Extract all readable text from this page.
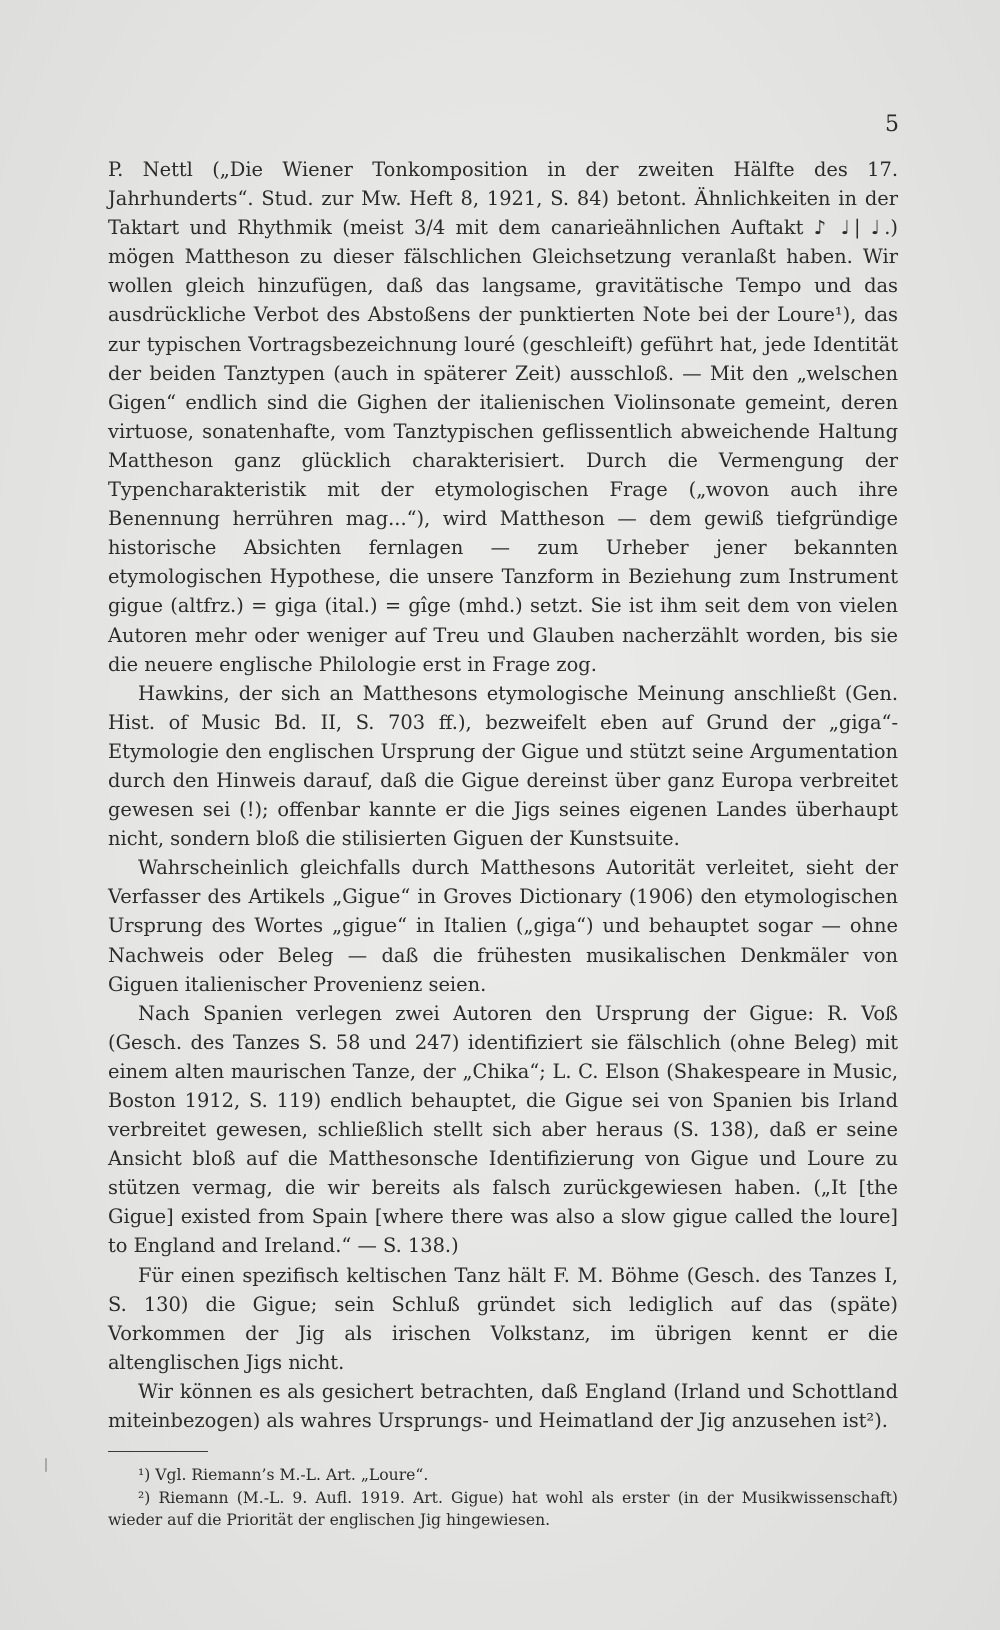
5

P. Nettl („Die Wiener Tonkomposition in der zweiten Hälfte des 17. Jahrhunderts“. Stud. zur Mw. Heft 8, 1921, S. 84) betont. Ähnlichkeiten in der Taktart und Rhythmik (meist 3/4 mit dem canarieähnlichen Auftakt ♪ ♩| ♩.) mögen Mattheson zu dieser fälschlichen Gleichsetzung veranlaßt haben. Wir wollen gleich hinzufügen, daß das langsame, gravitätische Tempo und das ausdrückliche Verbot des Abstoßens der punktierten Note bei der Loure¹), das zur typischen Vortragsbezeichnung louré (geschleift) geführt hat, jede Identität der beiden Tanztypen (auch in späterer Zeit) ausschloß. — Mit den „welschen Gigen“ endlich sind die Gighen der italienischen Violinsonate gemeint, deren virtuose, sonatenhafte, vom Tanztypischen geflissentlich abweichende Haltung Mattheson ganz glücklich charakterisiert. Durch die Vermengung der Typencharakteristik mit der etymologischen Frage („wovon auch ihre Benennung herrühren mag...“), wird Mattheson — dem gewiß tiefgründige historische Absichten fernlagen — zum Urheber jener bekannten etymologischen Hypothese, die unsere Tanzform in Beziehung zum Instrument gigue (altfrz.) = giga (ital.) = gîge (mhd.) setzt. Sie ist ihm seit dem von vielen Autoren mehr oder weniger auf Treu und Glauben nacherzählt worden, bis sie die neuere englische Philologie erst in Frage zog.

Hawkins, der sich an Matthesons etymologische Meinung anschließt (Gen. Hist. of Music Bd. II, S. 703 ff.), bezweifelt eben auf Grund der „giga“-Etymologie den englischen Ursprung der Gigue und stützt seine Argumentation durch den Hinweis darauf, daß die Gigue dereinst über ganz Europa verbreitet gewesen sei (!); offenbar kannte er die Jigs seines eigenen Landes überhaupt nicht, sondern bloß die stilisierten Giguen der Kunstsuite.

Wahrscheinlich gleichfalls durch Matthesons Autorität verleitet, sieht der Verfasser des Artikels „Gigue“ in Groves Dictionary (1906) den etymologischen Ursprung des Wortes „gigue“ in Italien („giga“) und behauptet sogar — ohne Nachweis oder Beleg — daß die frühesten musikalischen Denkmäler von Giguen italienischer Provenienz seien.

Nach Spanien verlegen zwei Autoren den Ursprung der Gigue: R. Voß (Gesch. des Tanzes S. 58 und 247) identifiziert sie fälschlich (ohne Beleg) mit einem alten maurischen Tanze, der „Chika“; L. C. Elson (Shakespeare in Music, Boston 1912, S. 119) endlich behauptet, die Gigue sei von Spanien bis Irland verbreitet gewesen, schließlich stellt sich aber heraus (S. 138), daß er seine Ansicht bloß auf die Matthesonsche Identifizierung von Gigue und Loure zu stützen vermag, die wir bereits als falsch zurückgewiesen haben. („It [the Gigue] existed from Spain [where there was also a slow gigue called the loure] to England and Ireland.“ — S. 138.)

Für einen spezifisch keltischen Tanz hält F. M. Böhme (Gesch. des Tanzes I, S. 130) die Gigue; sein Schluß gründet sich lediglich auf das (späte) Vorkommen der Jig als irischen Volkstanz, im übrigen kennt er die altenglischen Jigs nicht.

Wir können es als gesichert betrachten, daß England (Irland und Schottland miteinbezogen) als wahres Ursprungs- und Heimatland der Jig anzusehen ist²).

¹) Vgl. Riemann’s M.-L. Art. „Loure“.

²) Riemann (M.-L. 9. Aufl. 1919. Art. Gigue) hat wohl als erster (in der Musikwissenschaft) wieder auf die Priorität der englischen Jig hingewiesen.
